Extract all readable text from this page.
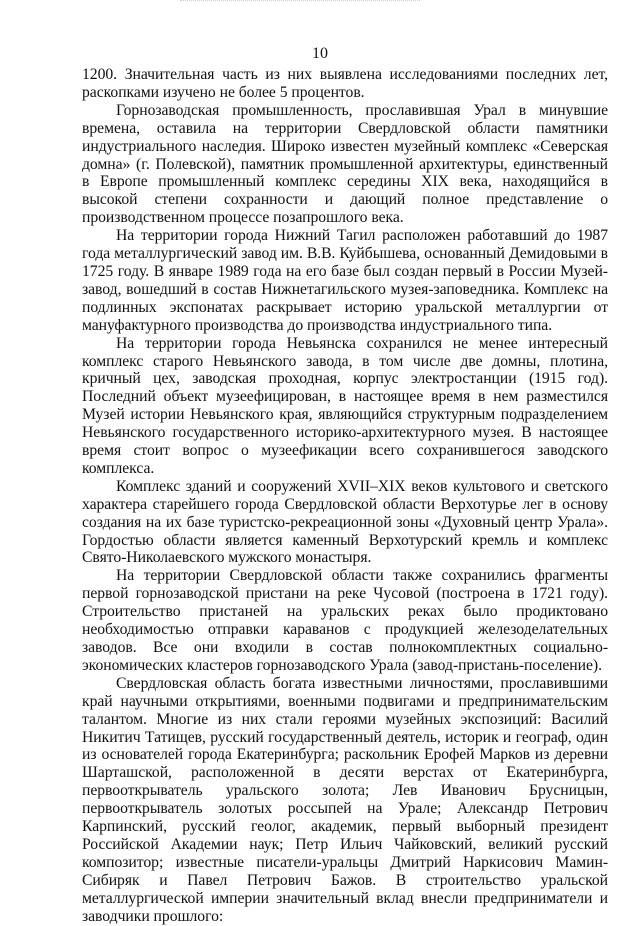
10

1200. Значительная часть из них выявлена исследованиями последних лет, раскопками изучено не более 5 процентов.

Горнозаводская промышленность, прославившая Урал в минувшие времена, оставила на территории Свердловской области памятники индустриального наследия. Широко известен музейный комплекс «Северская домна» (г. Полевской), памятник промышленной архитектуры, единственный в Европе промышленный комплекс середины XIX века, находящийся в высокой степени сохранности и дающий полное представление о производственном процессе позапрошлого века.

На территории города Нижний Тагил расположен работавший до 1987 года металлургический завод им. В.В. Куйбышева, основанный Демидовыми в 1725 году. В январе 1989 года на его базе был создан первый в России Музей-завод, вошедший в состав Нижнетагильского музея-заповедника. Комплекс на подлинных экспонатах раскрывает историю уральской металлургии от мануфактурного производства до производства индустриального типа.

На территории города Невьянска сохранился не менее интересный комплекс старого Невьянского завода, в том числе две домны, плотина, кричный цех, заводская проходная, корпус электростанции (1915 год). Последний объект музеефицирован, в настоящее время в нем разместился Музей истории Невьянского края, являющийся структурным подразделением Невьянского государственного историко-архитектурного музея. В настоящее время стоит вопрос о музеефикации всего сохранившегося заводского комплекса.

Комплекс зданий и сооружений XVII–XIX веков культового и светского характера старейшего города Свердловской области Верхотурье лег в основу создания на их базе туристско-рекреационной зоны «Духовный центр Урала». Гордостью области является каменный Верхотурский кремль и комплекс Свято-Николаевского мужского монастыря.

На территории Свердловской области также сохранились фрагменты первой горнозаводской пристани на реке Чусовой (построена в 1721 году). Строительство пристаней на уральских реках было продиктовано необходимостью отправки караванов с продукцией железоделательных заводов. Все они входили в состав полнокомплектных социально-экономических кластеров горнозаводского Урала (завод-пристань-поселение).

Свердловская область богата известными личностями, прославившими край научными открытиями, военными подвигами и предпринимательским талантом. Многие из них стали героями музейных экспозиций: Василий Никитич Татищев, русский государственный деятель, историк и географ, один из основателей города Екатеринбурга; раскольник Ерофей Марков из деревни Шарташской, расположенной в десяти верстах от Екатеринбурга, первооткрыватель уральского золота; Лев Иванович Брусницын, первооткрыватель золотых россыпей на Урале; Александр Петрович Карпинский, русский геолог, академик, первый выборный президент Российской Академии наук; Петр Ильич Чайковский, великий русский композитор; известные писатели-уральцы Дмитрий Наркисович Мамин-Сибиряк и Павел Петрович Бажов. В строительство уральской металлургической империи значительный вклад внесли предприниматели и заводчики прошлого:
